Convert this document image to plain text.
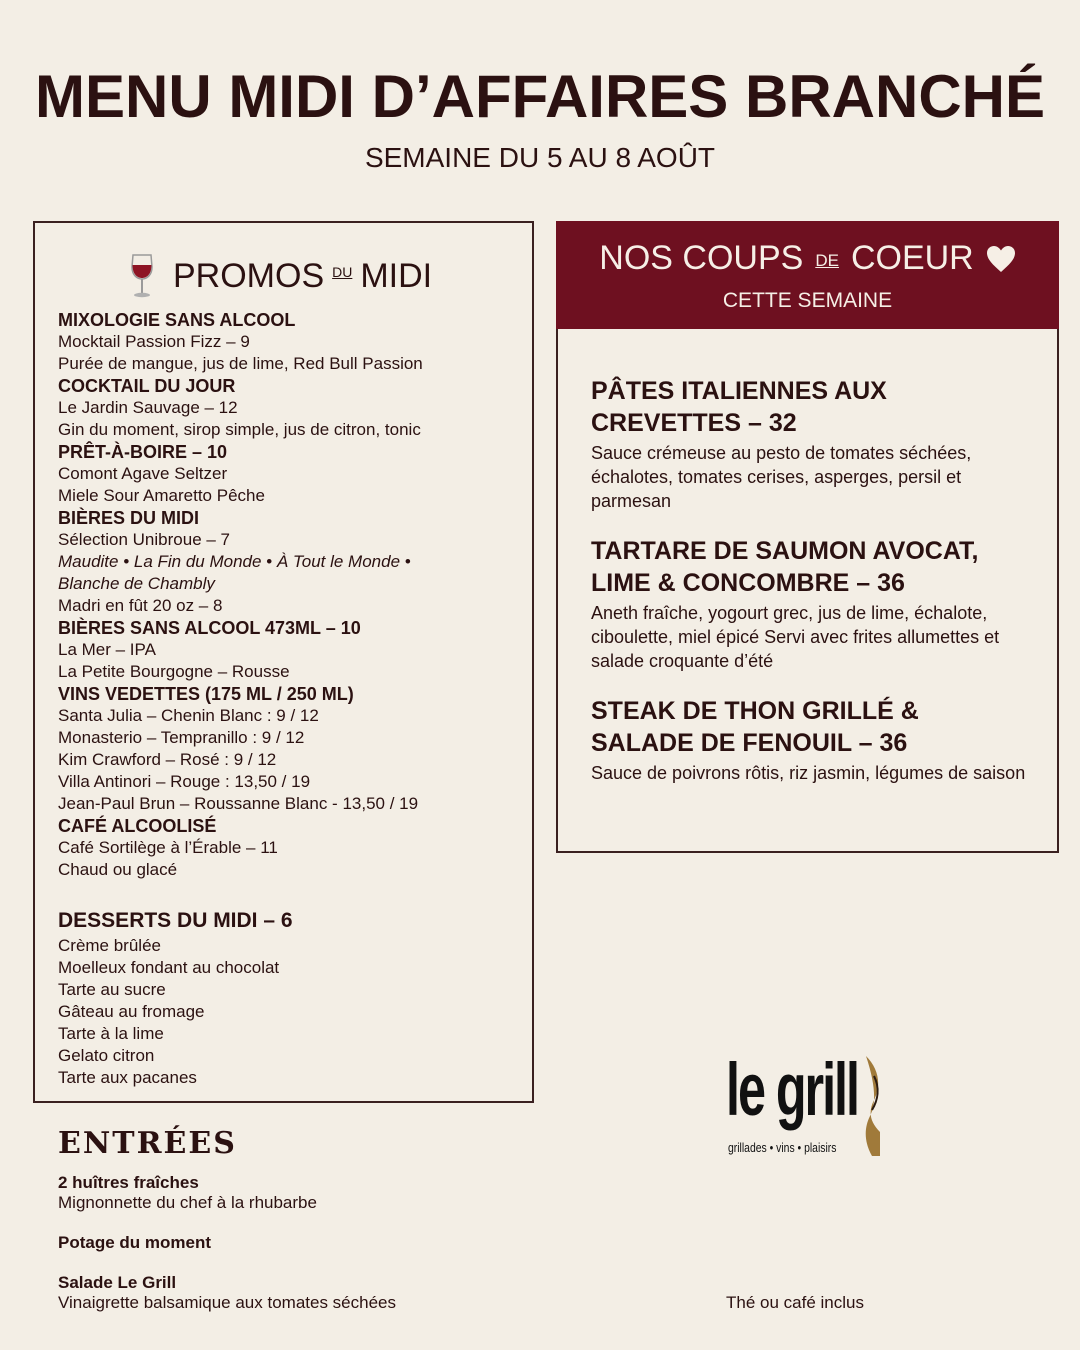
MENU MIDI D’AFFAIRES BRANCHÉ
SEMAINE DU 5 AU 8 AOÛT
PROMOS DU MIDI
MIXOLOGIE SANS ALCOOL
Mocktail Passion Fizz – 9
Purée de mangue, jus de lime, Red Bull Passion
COCKTAIL DU JOUR
Le Jardin Sauvage – 12
Gin du moment, sirop simple, jus de citron, tonic
PRÊT-À-BOIRE – 10
Comont Agave Seltzer
Miele Sour Amaretto Pêche
BIÈRES DU MIDI
Sélection Unibroue – 7
Maudite • La Fin du Monde • À Tout le Monde •
Blanche de Chambly
Madri en fût 20 oz – 8
BIÈRES SANS ALCOOL 473ML – 10
La Mer – IPA
La Petite Bourgogne – Rousse
VINS VEDETTES (175 ML / 250 ML)
Santa Julia – Chenin Blanc : 9 / 12
Monasterio – Tempranillo : 9 / 12
Kim Crawford – Rosé : 9 / 12
Villa Antinori – Rouge : 13,50 / 19
Jean-Paul Brun – Roussanne Blanc - 13,50 / 19
CAFÉ ALCOOLISÉ
Café Sortilège à l’Érable – 11
Chaud ou glacé
DESSERTS DU MIDI – 6
Crème brûlée
Moelleux fondant au chocolat
Tarte au sucre
Gâteau au fromage
Tarte à la lime
Gelato citron
Tarte aux pacanes
NOS COUPS DE COEUR
CETTE SEMAINE
PÂTES ITALIENNES AUX
CREVETTES – 32
Sauce crémeuse au pesto de tomates séchées, échalotes, tomates cerises, asperges, persil et parmesan
TARTARE DE SAUMON AVOCAT,
LIME & CONCOMBRE – 36
Aneth fraîche, yogourt grec, jus de lime, échalote, ciboulette, miel épicé Servi avec frites allumettes et salade croquante d’été
STEAK DE THON GRILLÉ &
SALADE DE FENOUIL – 36
Sauce de poivrons rôtis, riz jasmin, légumes de saison
ENTRÉES
2 huîtres fraîches
Mignonnette du chef à la rhubarbe
Potage du moment
Salade Le Grill
Vinaigrette balsamique aux tomates séchées
le grill
grillades • vins • plaisirs
Thé ou café inclus
